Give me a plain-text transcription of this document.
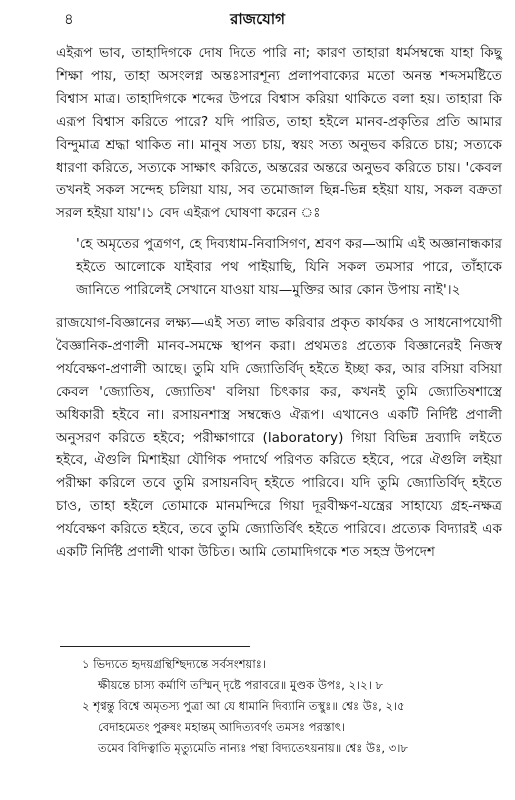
৪	রাজযোগ

এইরূপ ভাব, তাহাদিগকে দোষ দিতে পারি না; কারণ তাহারা ধর্মসম্বন্ধে যাহা কিছু শিক্ষা পায়, তাহা অসংলগ্ন অন্তঃসারশূন্য প্রলাপবাক্যের মতো অনন্ত শব্দসমষ্টিতে বিশ্বাস মাত্র। তাহাদিগকে শব্দের উপরে বিশ্বাস করিয়া থাকিতে বলা হয়। তাহারা কি এরূপ বিশ্বাস করিতে পারে? যদি পারিত, তাহা হইলে মানব-প্রকৃতির প্রতি আমার বিন্দুমাত্র শ্রদ্ধা থাকিত না। মানুষ সত্য চায়, স্বয়ং সত্য অনুভব করিতে চায়; সত্যকে ধারণা করিতে, সত্যকে সাক্ষাৎ করিতে, অন্তরের অন্তরে অনুভব করিতে চায়। 'কেবল তখনই সকল সন্দেহ চলিয়া যায়, সব তমোজাল ছিন্ন-ভিন্ন হইয়া যায়, সকল বক্রতা সরল হইয়া যায়'।১ বেদ এইরূপ ঘোষণা করেন ঃ

'হে অমৃতের পুত্রগণ, হে দিব্যধাম-নিবাসিগণ, শ্রবণ কর—আমি এই অজ্ঞানান্ধকার হইতে আলোকে যাইবার পথ পাইয়াছি, যিনি সকল তমসার পারে, তাঁহাকে জানিতে পারিলেই সেখানে যাওয়া যায়—মুক্তির আর কোন উপায় নাই'।২

রাজযোগ-বিজ্ঞানের লক্ষ্য—এই সত্য লাভ করিবার প্রকৃত কার্যকর ও সাধনোপযোগী বৈজ্ঞানিক-প্রণালী মানব-সমক্ষে স্থাপন করা। প্রথমতঃ প্রত্যেক বিজ্ঞানেরই নিজস্ব পর্যবেক্ষণ-প্রণালী আছে। তুমি যদি জ্যোতির্বিদ্ হইতে ইচ্ছা কর, আর বসিয়া বসিয়া কেবল 'জ্যোতিষ, জ্যোতিষ' বলিয়া চিৎকার কর, কখনই তুমি জ্যোতিষশাস্ত্রে অধিকারী হইবে না। রসায়নশাস্ত্র সম্বন্ধেও ঐরূপ। এখানেও একটি নির্দিষ্ট প্রণালী অনুসরণ করিতে হইবে; পরীক্ষাগারে (laboratory) গিয়া বিভিন্ন দ্রব্যাদি লইতে হইবে, ঐগুলি মিশাইয়া যৌগিক পদার্থে পরিণত করিতে হইবে, পরে ঐগুলি লইয়া পরীক্ষা করিলে তবে তুমি রসায়নবিদ্ হইতে পারিবে। যদি তুমি জ্যোতির্বিদ্ হইতে চাও, তাহা হইলে তোমাকে মানমন্দিরে গিয়া দূরবীক্ষণ-যন্ত্রের সাহায্যে গ্রহ-নক্ষত্র পর্যবেক্ষণ করিতে হইবে, তবে তুমি জ্যোতির্বিৎ হইতে পারিবে। প্রত্যেক বিদ্যারই এক একটি নির্দিষ্ট প্রণালী থাকা উচিত। আমি তোমাদিগকে শত সহস্র উপদেশ

১ ভিদ্যতে হৃদয়গ্রন্থিশ্ছিদ্যন্তে সর্বসংশয়াঃ।
ক্ষীয়ন্তে চাস্য কর্মাণি তস্মিন্ দৃষ্টে পরাবরে॥ মুণ্ডক উপঃ, ২।২। ৮
২ শৃণ্বন্তু বিশ্বে অমৃতস্য পুত্রা আ যে ধামানি দিব্যানি তস্থুঃ॥ শ্বেঃ উঃ, ২।৫
বেদাহমেতং পুরুষং মহান্তম্ আদিত্যবর্ণং তমসঃ পরস্তাৎ।
তমেব বিদিত্বাতি মৃত্যুমেতি নান্যঃ পন্থা বিদ্যতেঽয়নায়॥ শ্বেঃ উঃ, ৩।৮
